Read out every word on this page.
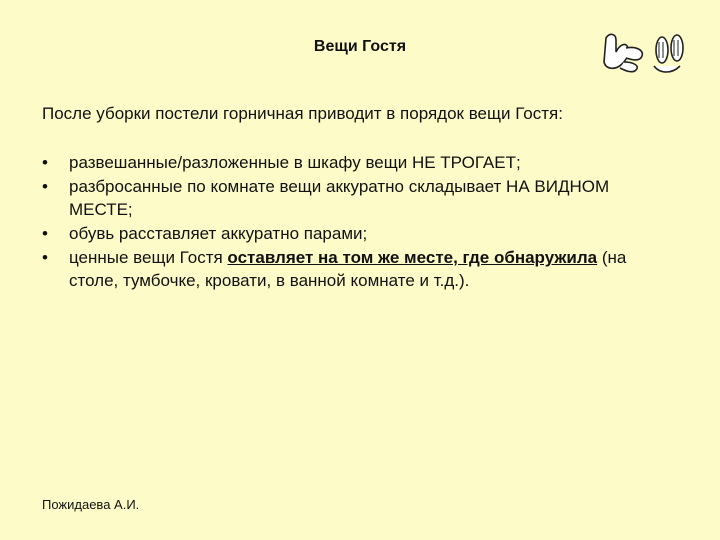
Вещи Гостя
После уборки постели горничная приводит в порядок вещи Гостя:
• развешанные/разложенные в шкафу вещи НЕ ТРОГАЕТ;
• разбросанные по комнате вещи аккуратно складывает НА ВИДНОМ МЕСТЕ;
• обувь расставляет аккуратно парами;
• ценные вещи Гостя оставляет на том же месте, где обнаружила (на столе, тумбочке, кровати, в ванной комнате и т.д.).
Пожидаева А.И.
